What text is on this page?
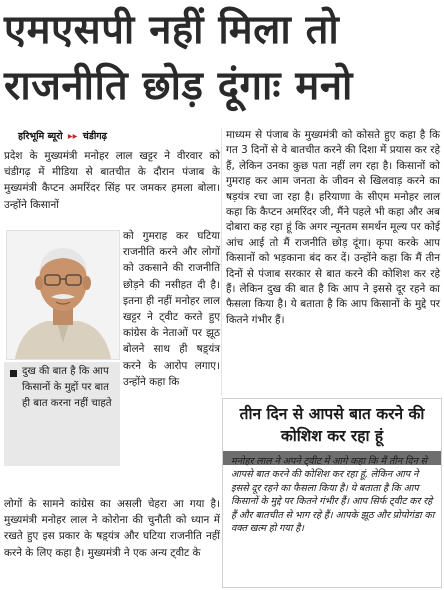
एमएसपी नहीं मिला तो
राजनीति छोड़ दूंगाः मनो
हरिभूमि ब्यूरो ▸▸ चंडीगढ़

प्रदेश के मुख्यमंत्री मनोहर लाल खट्टर ने वीरवार को चंडीगढ़ में मीडिया से बातचीत के दौरान पंजाब के मुख्यमंत्री कैप्टन अमरिंदर सिंह पर जमकर हमला बोला। उन्होंने किसानों

को गुमराह कर घटिया राजनीति करने और लोगों को उकसाने की राजनीति छोड़ने की नसीहत दी है। इतना ही नहीं मनोहर लाल खट्टर ने ट्वीट करते हुए कांग्रेस के नेताओं पर झूठ बोलने साथ ही षड़्यंत्र करने के आरोप लगाए। उन्होंने कहा कि

दुख की बात है कि आप किसानों के मुद्दों पर बात ही बात करना नहीं चाहते

लोगों के सामने कांग्रेस का असली चेहरा आ गया है। मुख्यमंत्री मनोहर लाल ने कोरोना की चुनौती को ध्यान में रखते हुए इस प्रकार के षड़्यंत्र और घटिया राजनीति नहीं करने के लिए कहा है। मुख्यमंत्री ने एक अन्य ट्वीट के

माध्यम से पंजाब के मुख्यमंत्री को कोसते हुए कहा है कि गत 3 दिनों से वे बातचीत करने की दिशा में प्रयास कर रहे हैं, लेकिन उनका कुछ पता नहीं लग रहा है। किसानों को गुमराह कर आम जनता के जीवन से खिलवाड़ करने का षड़यंत्र रचा जा रहा है। हरियाणा के सीएम मनोहर लाल कहा कि कैप्टन अमरिंदर जी, मैंने पहले भी कहा और अब दोबारा कह रहा हूं कि अगर न्यूनतम समर्थन मूल्य पर कोई आंच आई तो मैं राजनीति छोड़ दूंगा। कृपा करके आप किसानों को भड़काना बंद कर दें। उन्होंने कहा कि मैं तीन दिनों से पंजाब सरकार से बात करने की कोशिश कर रहे हैं। लेकिन दुख की बात है कि आप ने इससे दूर रहने का फैसला किया है। ये बताता है कि आप किसानों के मुद्दे पर कितने गंभीर हैं।

तीन दिन से आपसे बात करने की कोशिश कर रहा हूं
मनोहर लाल ने अपने ट्वीट में आगे कहा कि मैं तीन दिन से आपसे बात करने की कोशिश कर रहा हूं, लेकिन आप ने इससे दूर रहने का फैसला किया है। ये बताता है कि आप किसानों के मुद्दे पर कितने गंभीर हैं। आप सिर्फ ट्वीट कर रहे हैं और बातचीत से भाग रहे हैं। आपके झूठ और प्रोपोगंडा का वक्त खत्म हो गया है।
